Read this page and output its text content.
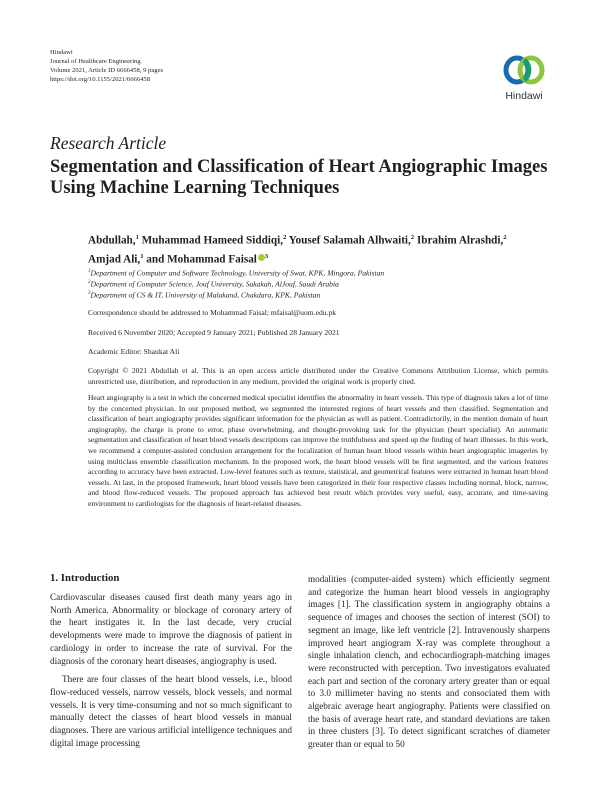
Hindawi
Journal of Healthcare Engineering
Volume 2021, Article ID 6666458, 9 pages
https://doi.org/10.1155/2021/6666458
Hindawi
Research Article
Segmentation and Classification of Heart Angiographic Images Using Machine Learning Techniques
Abdullah,$^1$ Muhammad Hameed Siddiqi,$^2$ Yousef Salamah Alhwaiti,$^2$ Ibrahim Alrashdi,$^2$
Amjad Ali,$^1$ and Mohammad Faisal $^3$
$^1$Department of Computer and Software Technology, University of Swat, KPK, Mingora, Pakistan
$^2$Department of Computer Science, Jouf University, Sakakah, AlJouf, Saudi Arabia
$^3$Department of CS & IT, University of Malakand, Chakdara, KPK, Pakistan
Correspondence should be addressed to Mohammad Faisal; mfaisal@uom.edu.pk
Received 6 November 2020; Accepted 9 January 2021; Published 28 January 2021
Academic Editor: Shaukat Ali
Copyright © 2021 Abdullah et al. This is an open access article distributed under the Creative Commons Attribution License, which permits unrestricted use, distribution, and reproduction in any medium, provided the original work is properly cited.
Heart angiography is a test in which the concerned medical specialist identifies the abnormality in heart vessels. This type of diagnosis takes a lot of time by the concerned physician. In our proposed method, we segmented the interested regions of heart vessels and then classified. Segmentation and classification of heart angiography provides significant information for the physician as well as patient. Contradictorily, in the mention domain of heart angiography, the charge is prone to error, phase overwhelming, and thought-provoking task for the physician (heart specialist). An automatic segmentation and classification of heart blood vessels descriptions can improve the truthfulness and speed up the finding of heart illnesses. In this work, we recommend a computer-assisted conclusion arrangement for the localization of human heart blood vessels within heart angiographic imageries by using multiclass ensemble classification mechanism. In the proposed work, the heart blood vessels will be first segmented, and the various features according to accuracy have been extracted. Low-level features such as texture, statistical, and geometrical features were extracted in human heart blood vessels. At last, in the proposed framework, heart blood vessels have been categorized in their four respective classes including normal, block, narrow, and blood flow-reduced vessels. The proposed approach has achieved best result which provides very useful, easy, accurate, and time-saving environment to cardiologists for the diagnosis of heart-related diseases.
1. Introduction

Cardiovascular diseases caused first death many years ago in North America. Abnormality or blockage of coronary artery of the heart instigates it. In the last decade, very crucial developments were made to improve the diagnosis of patient in cardiology in order to increase the rate of survival. For the diagnosis of the coronary heart diseases, angiography is used.

There are four classes of the heart blood vessels, i.e., blood flow-reduced vessels, narrow vessels, block vessels, and normal vessels. It is very time-consuming and not so much significant to manually detect the classes of heart blood vessels in manual diagnoses. There are various artificial intelligence techniques and digital image processing

modalities (computer-aided system) which efficiently segment and categorize the human heart blood vessels in angiography images [1]. The classification system in angiography obtains a sequence of images and chooses the section of interest (SOI) to segment an image, like left ventricle [2]. Intravenously sharpens improved heart angiogram X-ray was complete throughout a single inhalation clench, and echocardiograph-matching images were reconstructed with perception. Two investigators evaluated each part and section of the coronary artery greater than or equal to 3.0 millimeter having no stents and consociated them with algebraic average heart angiography. Patients were classified on the basis of average heart rate, and standard deviations are taken in three clusters [3]. To detect significant scratches of diameter greater than or equal to 50
